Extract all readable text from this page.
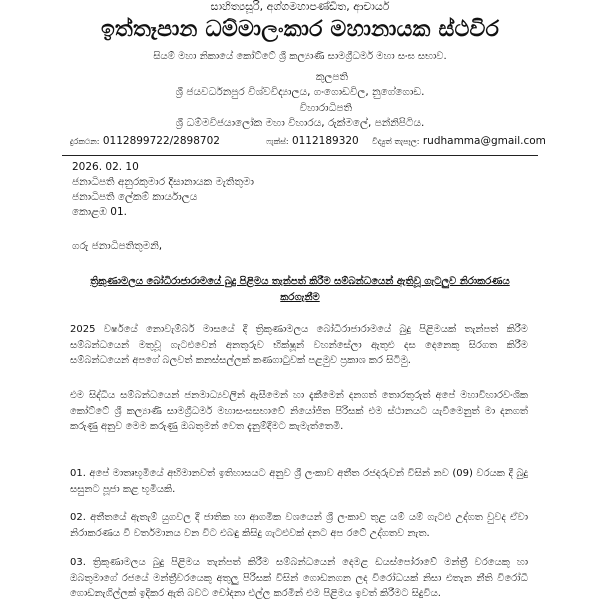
සාහිත්‍යසූරි, අග්ගමහාපණ්ඩිත, ආචාර්ය
ඉත්තෑපාන ධම්මාලංකාර මහානායක ස්ථවිර
සියම් මහා නිකායේ කෝට්ටේ ශ්‍රී කල්‍යාණි සාමග්‍රීධර්ම මහා සංඝ සභාව.
කුලපති
ශ්‍රී ජයවර්ධනපුර විශ්වවිද්‍යාලය, ගංගොඩවිල, නුගේගොඩ.
විහාරාධිපති
ශ්‍රී ධම්මවිජයාලෝක මහා විහාරය, රුක්මලේ, පන්නිපිටිය.
දුරකථන: 0112899722/2898702	ෆැක්ස්: 0112189320 විද්‍යුත් තැපෑල: rudhamma@gmail.com
2026. 02. 10
ජනාධිපති අනුරකුමාර දිසානායක මැතිතුමා
ජනාධිපති ලේකම් කාර්යාලය
කොළඹ 01.
ගරු ජනාධිපතිතුමනි,
ත්‍රිකුණාමලය බෝධිරාජාරාමයේ බුදු පිළිමය තැන්පත් කිරීම සම්බන්ධයෙන් ඇතිවූ ගැටලුව නිරාකරණය කරගැනීම
2025 වර්ෂයේ නොවැම්බර් මාසයේ දී ත්‍රිකුණාමලය බෝධිරාජාරාමයේ බුදු පිළිමයක් තැන්පත් කිරීම සම්බන්ධයෙන් මතුවූ ගැටළුවෙන් අනතුරුව භික්ෂූන් වහන්සේලා ඇතුළු දස දෙනෙකු සිරගත කිරීම සම්බන්ධයෙන් අපගේ බලවත් කනස්සල්ලක් කණගාටුවක් පළමුව ප්‍රකාශ කර සිටිමු.
එම සිද්ධිය සම්බන්ධයෙන් ජනමාධ්‍යවලින් ඇසීමෙන් හා දැකීමෙන් දනගත් තොරතුරුත් අපේ මහාවිහාරවංශික කෝට්ටේ ශ්‍රී කල්‍යාණි සාමග්‍රීධර්ම මහාසංඝසභාවේ නියෝජිත පිරිසක් එම ස්ථානයට යැවීමෙනුත් මා දනගත් කරුණු අනුව මෙම කරුණු ඔබතුමන් වෙත දැනුම්දීමට කැමැත්තෙමි.
01. අපේ මාතෘභූමියේ අභිමානවත් ඉතිහාසයට අනුව ශ්‍රී ලංකාව අතීත රජදරුවන් විසින් නව (09) වරයක දී බුදු සසුනට පූජා කළ භූමියකි.
02. අතීතයේ ඇතැම් යුගවල දී ජාතික හා ආගමික වශයෙන් ශ්‍රී ලංකාව තුළ යම් යම් ගැටළු උද්ගත වුවද ඒවා නිරාකරණය වී වර්තමානය වන විට එබඳු කිසිදු ගැටළුවක් දනට අප රටේ උද්ගතව නැත.
03. ත්‍රිකුණාමලය බුදු පිළිමය තැන්පත් කිරීම සම්බන්ධයෙන් දෙමළ ඩයස්පෝරාවේ මන්ත්‍රී වරයෙකු හා ඔබතුමාගේ රජයේ මන්ත්‍රීවරයෙකු අතුලු පිරිසක් විසින් ගොඩනගන ලද විරෝධයක් නිසා එතැන නීති විරෝධී ගොඩනැගිල්ලක් ඉදිකර ඇති බවට චෝදනා එල්ල කරමින් එම පිළිමය ඉවත් කිරීමට සිදුවිය.
